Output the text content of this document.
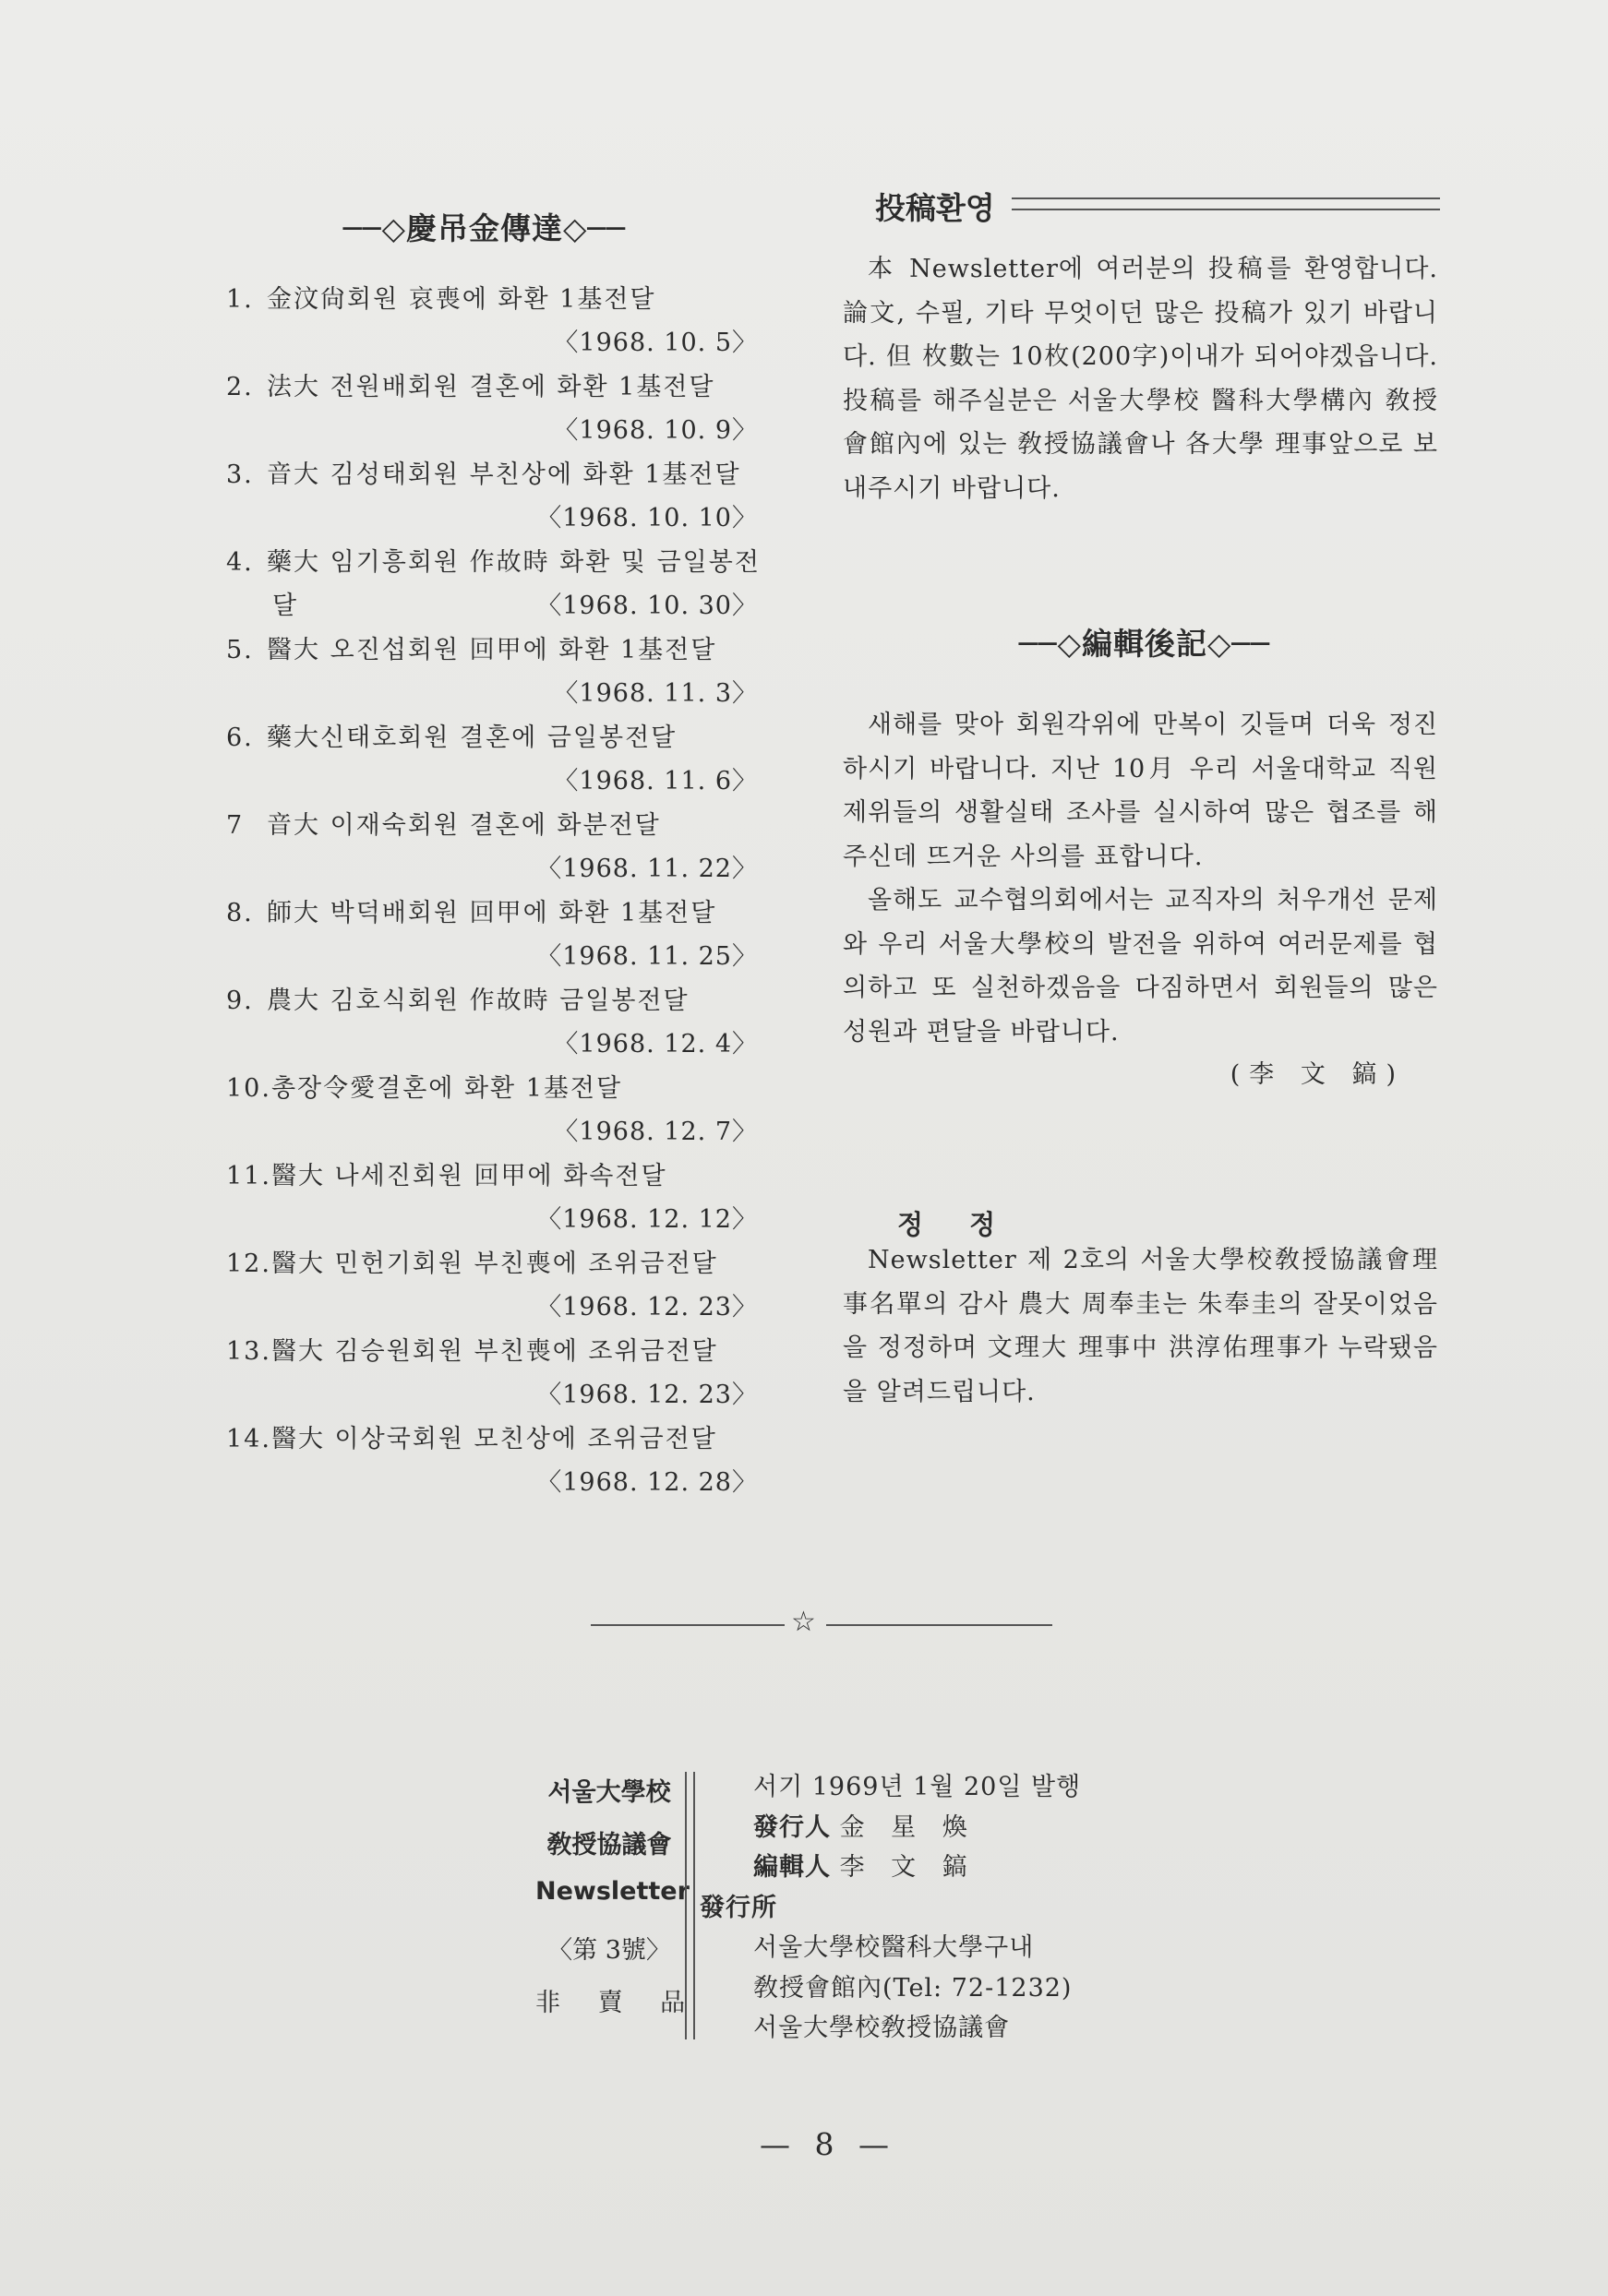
──◇慶吊金傳達◇──
1. 金汶尙회원 哀喪에 화환 1基전달
〈1968. 10. 5〉
2. 法大 전원배회원 결혼에 화환 1基전달
〈1968. 10. 9〉
3. 音大 김성태회원 부친상에 화환 1基전달
〈1968. 10. 10〉
4. 藥大 임기흥회원 作故時 화환 및 금일봉전
달	〈1968. 10. 30〉
5. 醫大 오진섭회원 回甲에 화환 1基전달
〈1968. 11. 3〉
6. 藥大신태호회원 결혼에 금일봉전달
〈1968. 11. 6〉
7 音大 이재숙회원 결혼에 화분전달
〈1968. 11. 22〉
8. 師大 박덕배회원 回甲에 화환 1基전달
〈1968. 11. 25〉
9. 農大 김호식회원 作故時 금일봉전달
〈1968. 12. 4〉
10.총장令愛결혼에 화환 1基전달
〈1968. 12. 7〉
11.醫大 나세진회원 回甲에 화속전달
〈1968. 12. 12〉
12.醫大 민헌기회원 부친喪에 조위금전달
〈1968. 12. 23〉
13.醫大 김승원회원 부친喪에 조위금전달
〈1968. 12. 23〉
14.醫大 이상국회원 모친상에 조위금전달
〈1968. 12. 28〉
投稿환영

本 Newsletter에 여러분의 投稿를 환영합니다. 論文, 수필, 기타 무엇이던 많은 投稿가 있기 바랍니다. 但 枚數는 10枚(200字)이내가 되어야겠읍니다. 投稿를 해주실분은 서울大學校 醫科大學構內 敎授會館內에 있는 敎授協議會나 各大學 理事앞으로 보내주시기 바랍니다.

──◇編輯後記◇──

새해를 맞아 회원각위에 만복이 깃들며 더욱 정진하시기 바랍니다. 지난 10月 우리 서울대학교 직원제위들의 생활실태 조사를 실시하여 많은 협조를 해주신데 뜨거운 사의를 표합니다.

올해도 교수협의회에서는 교직자의 처우개선 문제와 우리 서울大學校의 발전을 위하여 여러문제를 협의하고 또 실천하겠음을 다짐하면서 회원들의 많은 성원과 편달을 바랍니다.

(李 文 鎬)
정 정

Newsletter 제 2호의 서울大學校敎授協議會理事名單의 감사 農大 周奉圭는 朱奉圭의 잘못이었음을 정정하며 文理大 理事中 洪淳佑理事가 누락됐음을 알려드립니다.

☆
서울大學校
敎授協議會
Newsletter
〈第 3號〉
非 賣 品
서기 1969년 1월 20일 발행
發行人 金 星 煥
編輯人 李 文 鎬
發行所
서울大學校醫科大學구내
敎授會館內(Tel: 72-1232)
서울大學校敎授協議會
— 8 —
